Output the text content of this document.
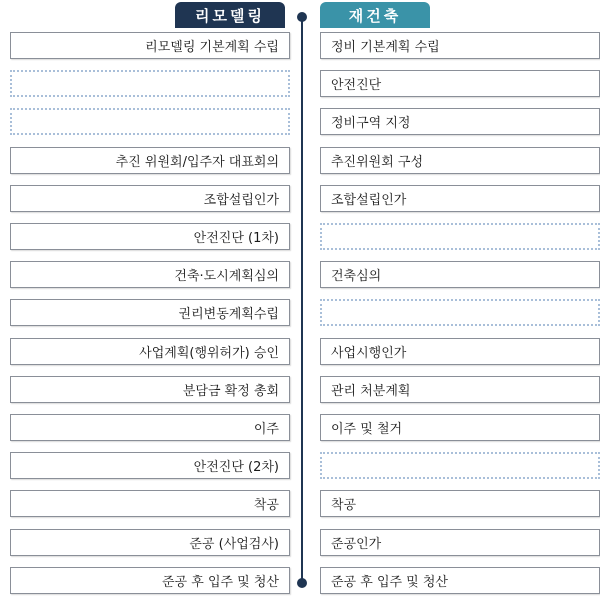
리모델링	재건축
리모델링 기본계획 수립
추진 위원회/입주자 대표회의
조합설립인가
안전진단 (1차)
건축·도시계획심의
권리변동계획수립
사업계획(행위허가) 승인
분담금 확정 총회
이주
안전진단 (2차)
착공
준공 (사업검사)
준공 후 입주 및 청산
정비 기본계획 수립
안전진단
정비구역 지정
추진위원회 구성
조합설립인가
건축심의
사업시행인가
관리 처분계획
이주 및 철거
착공
준공인가
준공 후 입주 및 청산
